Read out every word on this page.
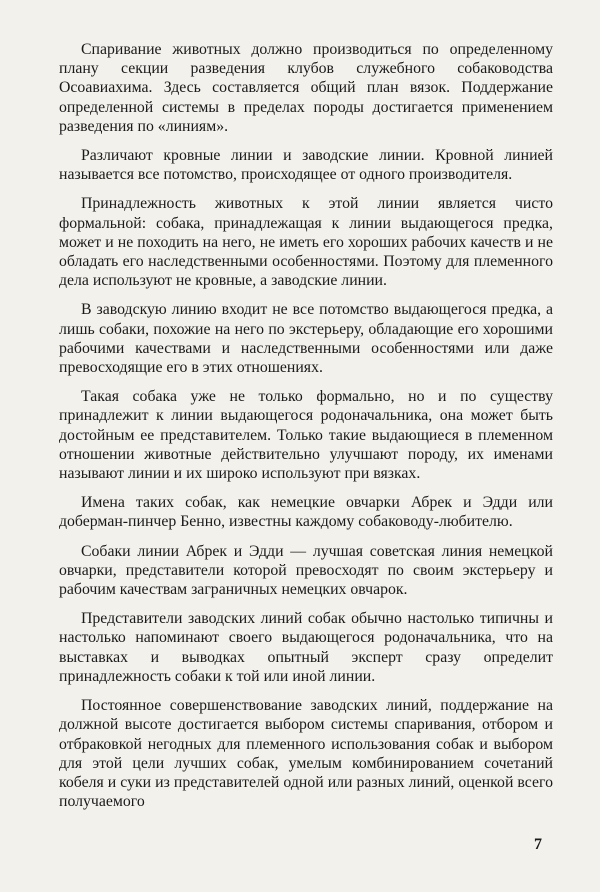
Спаривание животных должно производиться по определенному плану секции разведения клубов служебного собаководства Осоавиахима. Здесь составляется общий план вязок. Поддержание определенной системы в пределах породы достигается применением разведения по «линиям».

Различают кровные линии и заводские линии. Кровной линией называется все потомство, происходящее от одного производителя.

Принадлежность животных к этой линии является чисто формальной: собака, принадлежащая к линии выдающегося предка, может и не походить на него, не иметь его хороших рабочих качеств и не обладать его наследственными особенностями. Поэтому для племенного дела используют не кровные, а заводские линии.

В заводскую линию входит не все потомство выдающегося предка, а лишь собаки, похожие на него по экстерьеру, обладающие его хорошими рабочими качествами и наследственными особенностями или даже превосходящие его в этих отношениях.

Такая собака уже не только формально, но и по существу принадлежит к линии выдающегося родоначальника, она может быть достойным ее представителем. Только такие выдающиеся в племенном отношении животные действительно улучшают породу, их именами называют линии и их широко используют при вязках.

Имена таких собак, как немецкие овчарки Абрек и Эдди или доберман-пинчер Бенно, известны каждому собаководу-любителю.

Собаки линии Абрек и Эдди — лучшая советская линия немецкой овчарки, представители которой превосходят по своим экстерьеру и рабочим качествам заграничных немецких овчарок.

Представители заводских линий собак обычно настолько типичны и настолько напоминают своего выдающегося родоначальника, что на выставках и выводках опытный эксперт сразу определит принадлежность собаки к той или иной линии.

Постоянное совершенствование заводских линий, поддержание на должной высоте достигается выбором системы спаривания, отбором и отбраковкой негодных для племенного использования собак и выбором для этой цели лучших собак, умелым комбинированием сочетаний кобеля и суки из представителей одной или разных линий, оценкой всего получаемого

7
